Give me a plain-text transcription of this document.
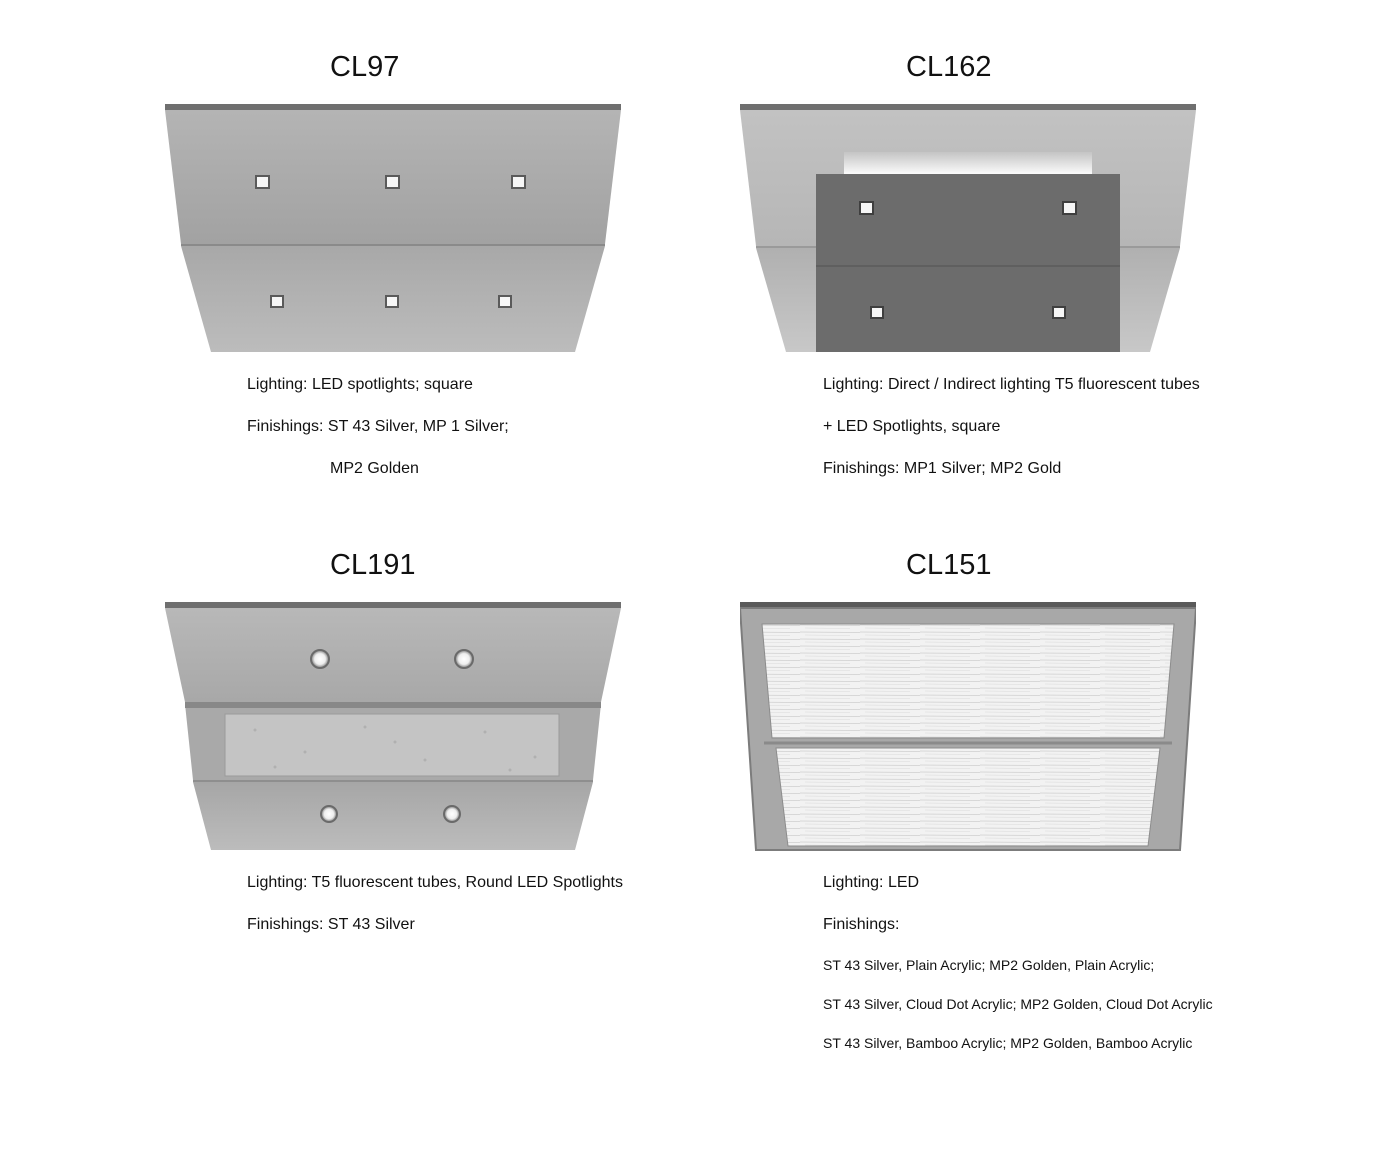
CL97
Lighting: LED spotlights; square
Finishings: ST 43 Silver, MP 1 Silver;
MP2 Golden
CL162
Lighting: Direct / Indirect lighting T5 fluorescent tubes
+ LED Spotlights, square
Finishings: MP1 Silver; MP2 Gold
CL191
Lighting: T5 fluorescent tubes, Round LED Spotlights
Finishings: ST 43 Silver
CL151
Lighting: LED
Finishings:
ST 43 Silver, Plain Acrylic; MP2 Golden, Plain Acrylic;
ST 43 Silver, Cloud Dot Acrylic; MP2 Golden, Cloud Dot Acrylic
ST 43 Silver, Bamboo Acrylic; MP2 Golden, Bamboo Acrylic
